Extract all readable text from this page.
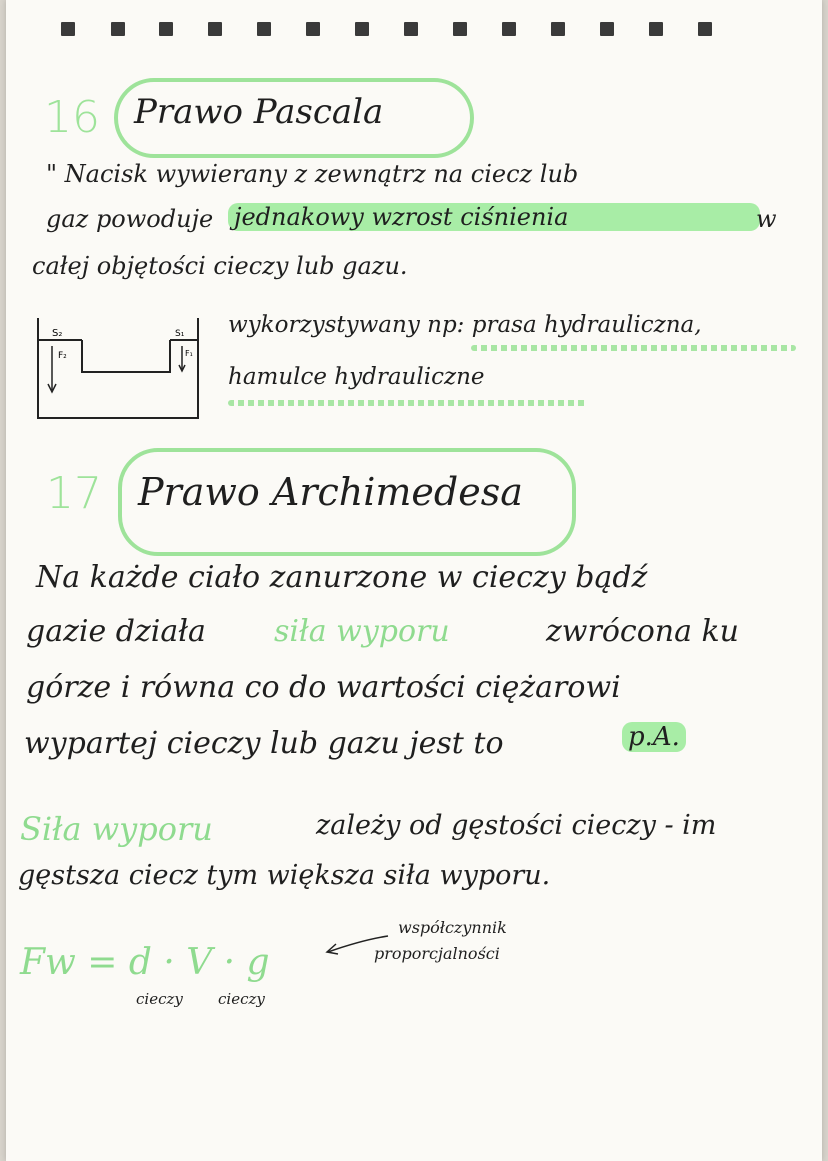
16 Prawo Pascala
" Nacisk wywierany z zewnątrz na ciecz lub
gaz powoduje jednakowy wzrost ciśnienia	w
całej objętości cieczy lub gazu.
S₂
F₂
S₁
F₁
wykorzystywany np: prasa hydrauliczna,
hamulce hydrauliczne
17 Prawo Archimedesa
Na każde ciało zanurzone w cieczy bądź
gazie działa siła wyporu	zwrócona ku
górze i równa co do wartości ciężarowi
wypartej cieczy lub gazu jest to	p.A.
Siła wyporu	zależy od gęstości cieczy - im
gęstsza ciecz tym większa siła wyporu.
Fw = d · V · g
cieczy cieczy
współczynnik
proporcjalności
